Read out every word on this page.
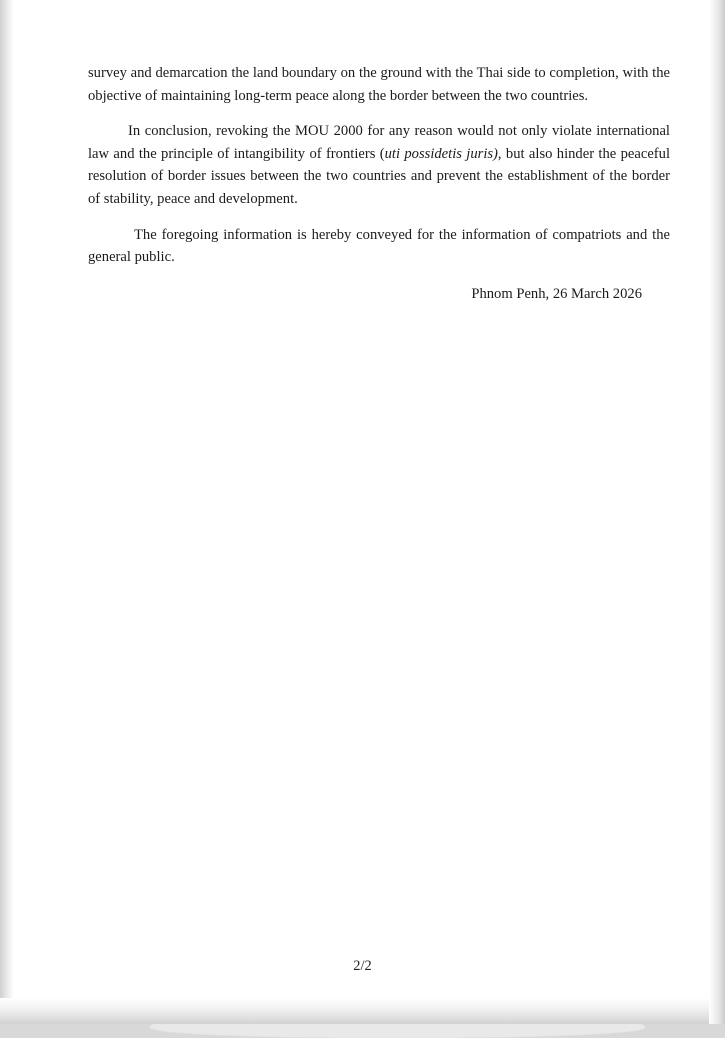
survey and demarcation the land boundary on the ground with the Thai side to completion, with the objective of maintaining long-term peace along the border between the two countries.

In conclusion, revoking the MOU 2000 for any reason would not only violate international law and the principle of intangibility of frontiers (uti possidetis juris), but also hinder the peaceful resolution of border issues between the two countries and prevent the establishment of the border of stability, peace and development.

The foregoing information is hereby conveyed for the information of compatriots and the general public.

Phnom Penh, 26 March 2026
2/2
